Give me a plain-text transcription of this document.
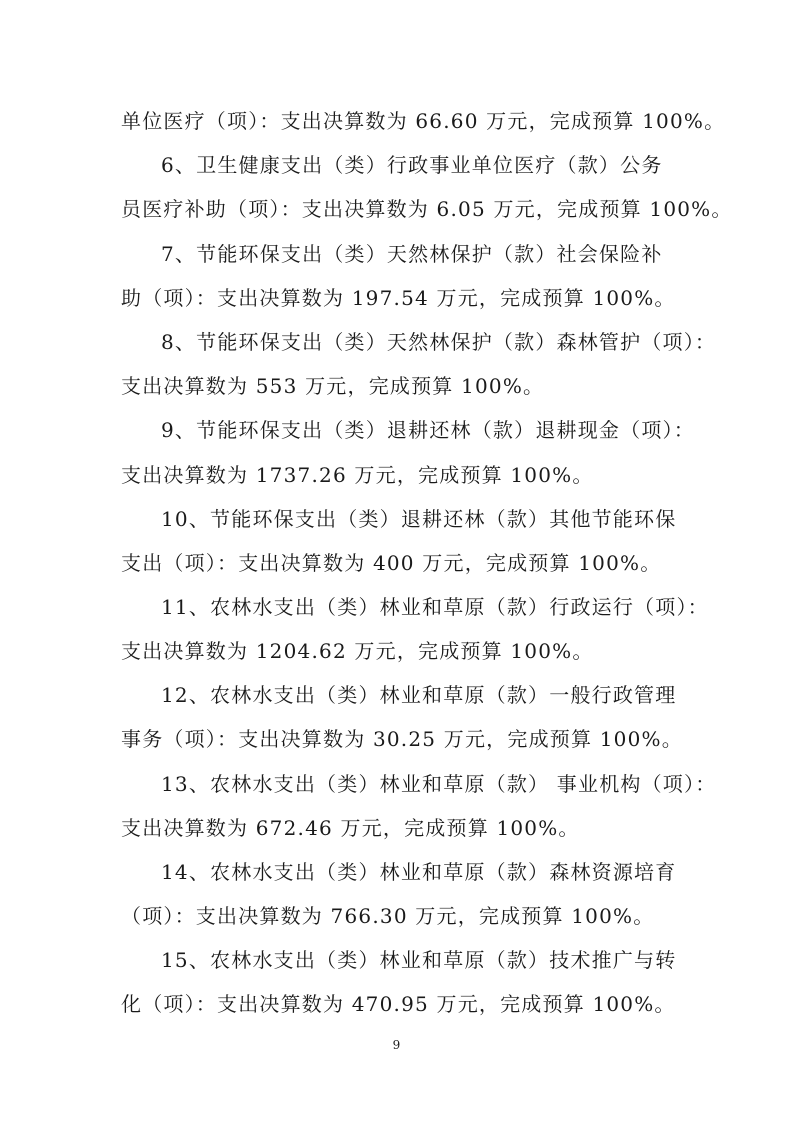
单位医疗（项）：支出决算数为 66.60 万元，完成预算 100%。
6、卫生健康支出（类）行政事业单位医疗（款）公务
员医疗补助（项）：支出决算数为 6.05 万元，完成预算 100%。
7、节能环保支出（类）天然林保护（款）社会保险补
助（项）：支出决算数为 197.54 万元，完成预算 100%。
8、节能环保支出（类）天然林保护（款）森林管护（项）：
支出决算数为 553 万元，完成预算 100%。
9、节能环保支出（类）退耕还林（款）退耕现金（项）：
支出决算数为 1737.26 万元，完成预算 100%。
10、节能环保支出（类）退耕还林（款）其他节能环保
支出（项）：支出决算数为 400 万元，完成预算 100%。
11、农林水支出（类）林业和草原（款）行政运行（项）：
支出决算数为 1204.62 万元，完成预算 100%。
12、农林水支出（类）林业和草原（款）一般行政管理
事务（项）：支出决算数为 30.25 万元，完成预算 100%。
13、农林水支出（类）林业和草原（款） 事业机构（项）：
支出决算数为 672.46 万元，完成预算 100%。
14、农林水支出（类）林业和草原（款）森林资源培育
（项）：支出决算数为 766.30 万元，完成预算 100%。
15、农林水支出（类）林业和草原（款）技术推广与转
化（项）：支出决算数为 470.95 万元，完成预算 100%。
9
